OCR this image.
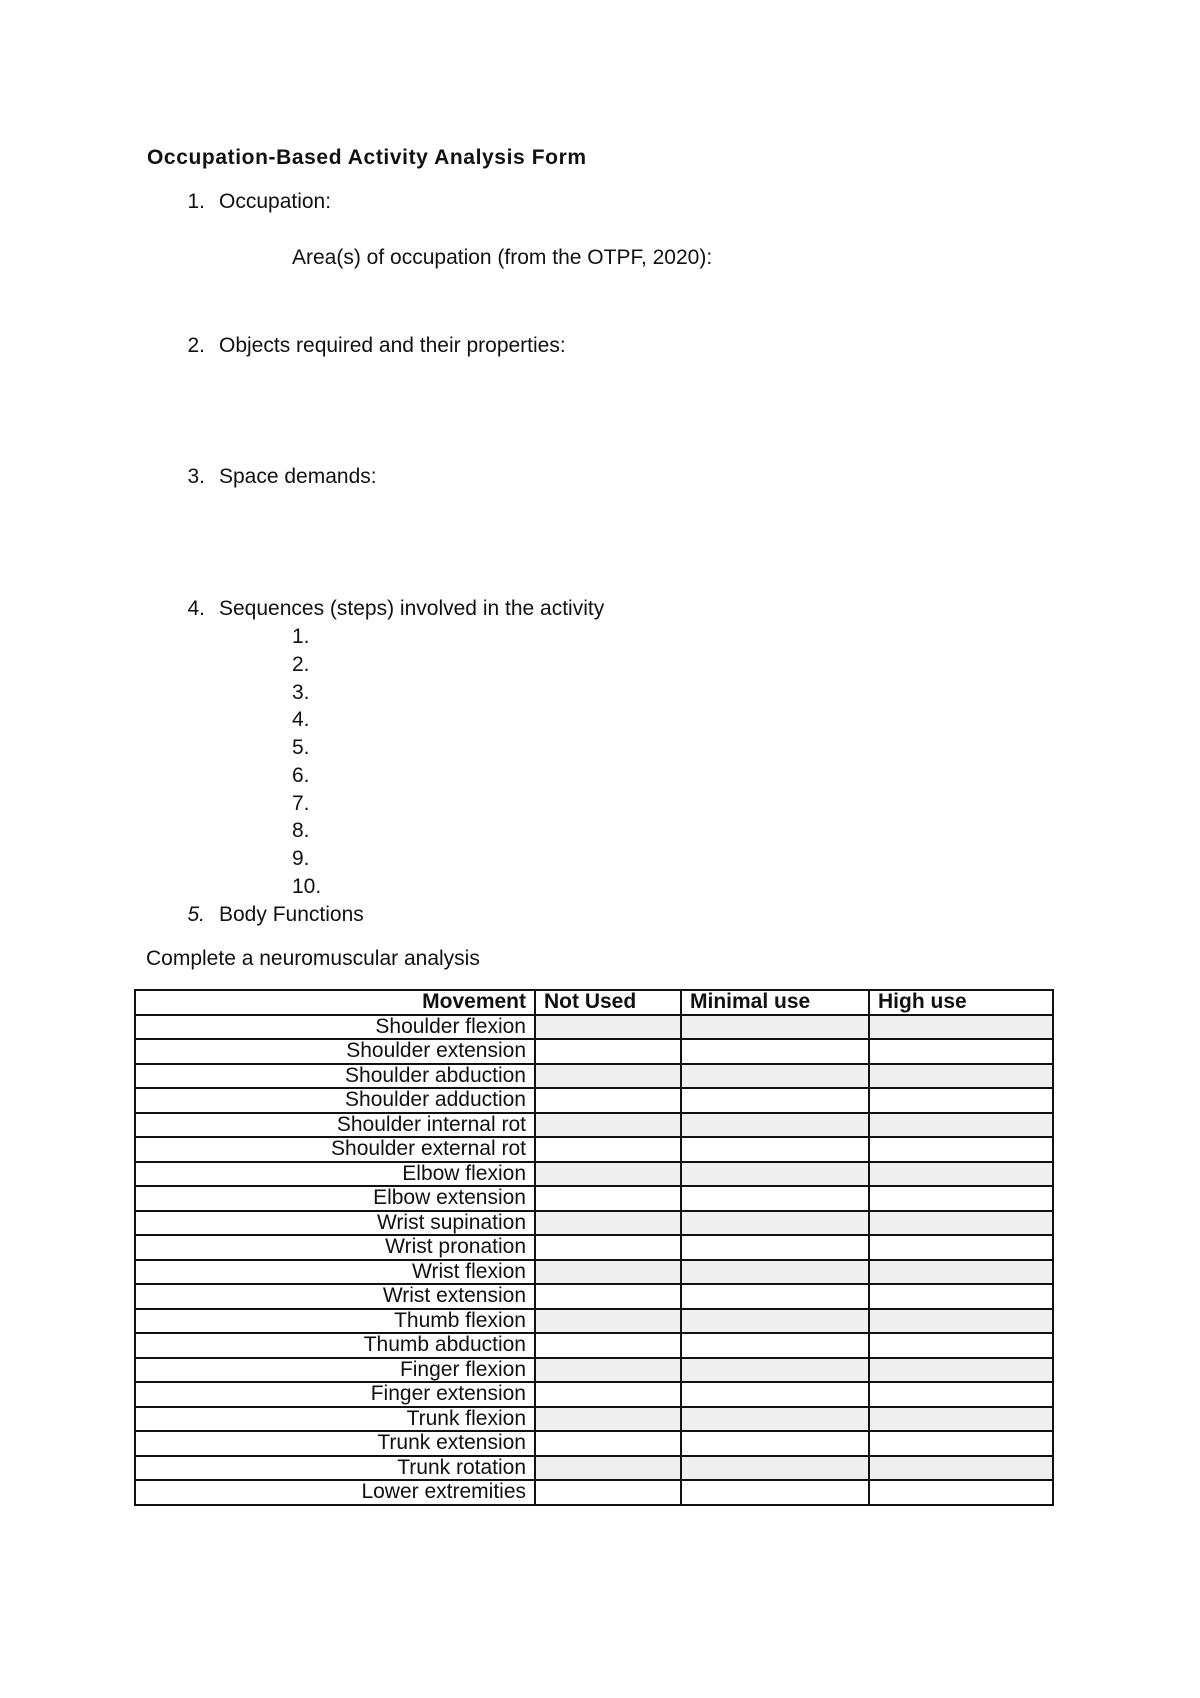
Occupation-Based Activity Analysis Form
1. Occupation:
Area(s) of occupation (from the OTPF, 2020):
2. Objects required and their properties:
3. Space demands:
4. Sequences (steps) involved in the activity
1.
2.
3.
4.
5.
6.
7.
8.
9.
10.
5. Body Functions
Complete a neuromuscular analysis
Movement	Not Used	Minimal use	High use
Shoulder flexion			
Shoulder extension			
Shoulder abduction			
Shoulder adduction			
Shoulder internal rot			
Shoulder external rot			
Elbow flexion			
Elbow extension			
Wrist supination			
Wrist pronation			
Wrist flexion			
Wrist extension			
Thumb flexion			
Thumb abduction			
Finger flexion			
Finger extension			
Trunk flexion			
Trunk extension			
Trunk rotation			
Lower extremities			
